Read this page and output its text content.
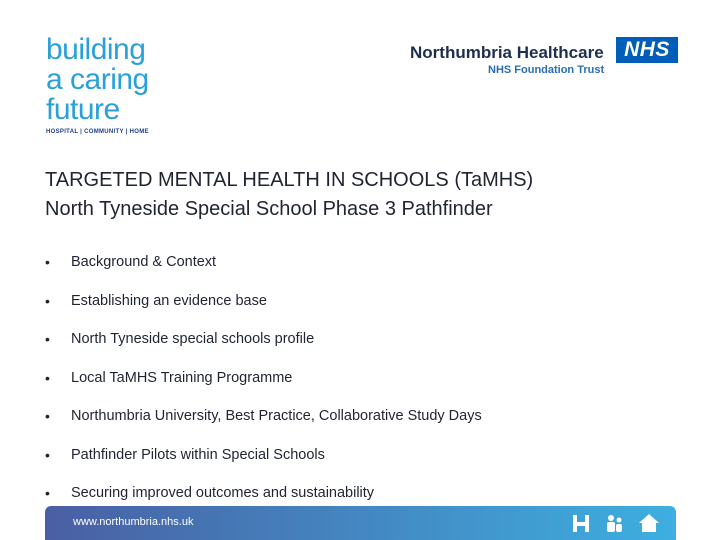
building
a caring
future
HOSPITAL | COMMUNITY | HOME
Northumbria Healthcare
NHS Foundation Trust
NHS
TARGETED MENTAL HEALTH IN SCHOOLS (TaMHS)
North Tyneside Special School Phase 3 Pathfinder
• Background & Context
• Establishing an evidence base
• North Tyneside special schools profile
• Local TaMHS Training Programme
• Northumbria University, Best Practice, Collaborative Study Days
• Pathfinder Pilots within Special Schools
• Securing improved outcomes and sustainability
www.northumbria.nhs.uk
